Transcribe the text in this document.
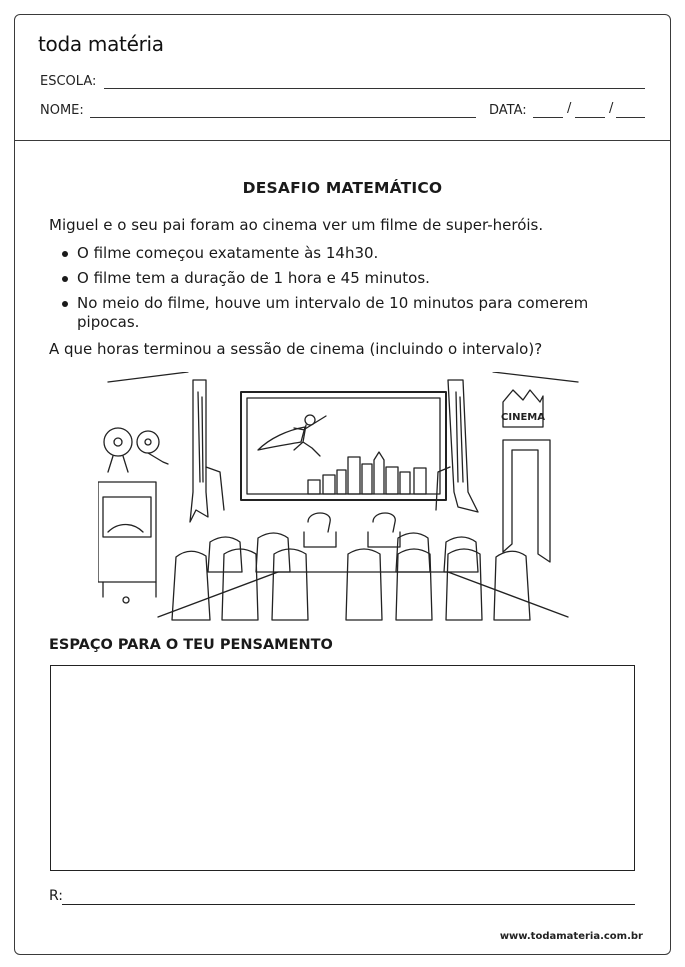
toda matéria
ESCOLA:
NOME:	DATA:	/	/
DESAFIO MATEMÁTICO
Miguel e o seu pai foram ao cinema ver um filme de super-heróis.
O filme começou exatamente às 14h30.
O filme tem a duração de 1 hora e 45 minutos.
No meio do filme, houve um intervalo de 10 minutos para comerem pipocas.
A que horas terminou a sessão de cinema (incluindo o intervalo)?
CINEMA
ESPAÇO PARA O TEU PENSAMENTO
R:
www.todamateria.com.br
